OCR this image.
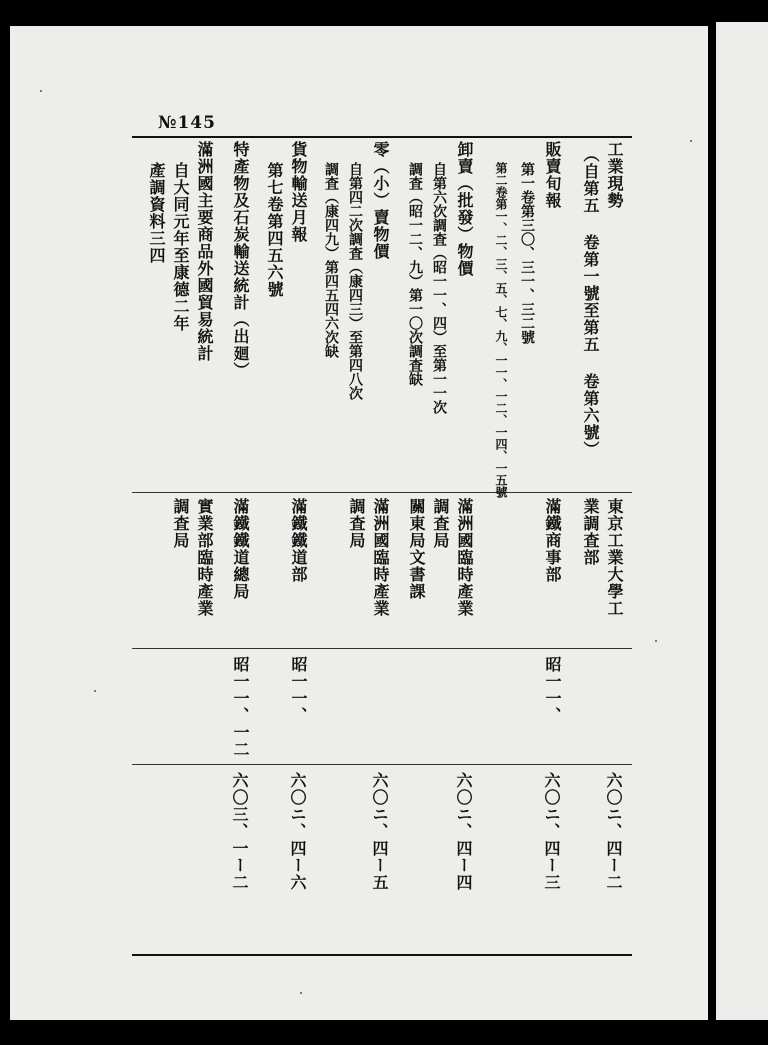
№145
工業現勢
（自第五 卷第一號至第五 卷第六號）
東京工業大學工
業調査部
六〇ニ、四ー二
販賣旬報
第一卷第三〇、三一、三二號
第二卷第一、二、三、五、七、九、一一、一二、一四、一五號
滿鐵商事部
昭一一、
六〇ニ、四ー三
卸賣（批發）物價
自第六次調査（昭一一、四）至第一一次
調査（昭一二、九）第一〇次調査缺
滿洲國臨時產業
調査局
關東局文書課
六〇ニ、四ー四
零（小）賣物價
自第四二次調査（康四三）至第四八次
調査（康四九）第四五四六次缺
滿洲國臨時產業
調査局
六〇ニ、四ー五
貨物輸送月報
第七卷第四五六號
滿鐵鐵道部
昭一一、
六〇ニ、四ー六
特產物及石炭輸送統計（出廻）
滿鐵鐵道總局
昭一一、一二
六〇三、一ー二
滿洲國主要商品外國貿易統計
自大同元年至康德二年
產調資料三四
實業部臨時產業
調査局
